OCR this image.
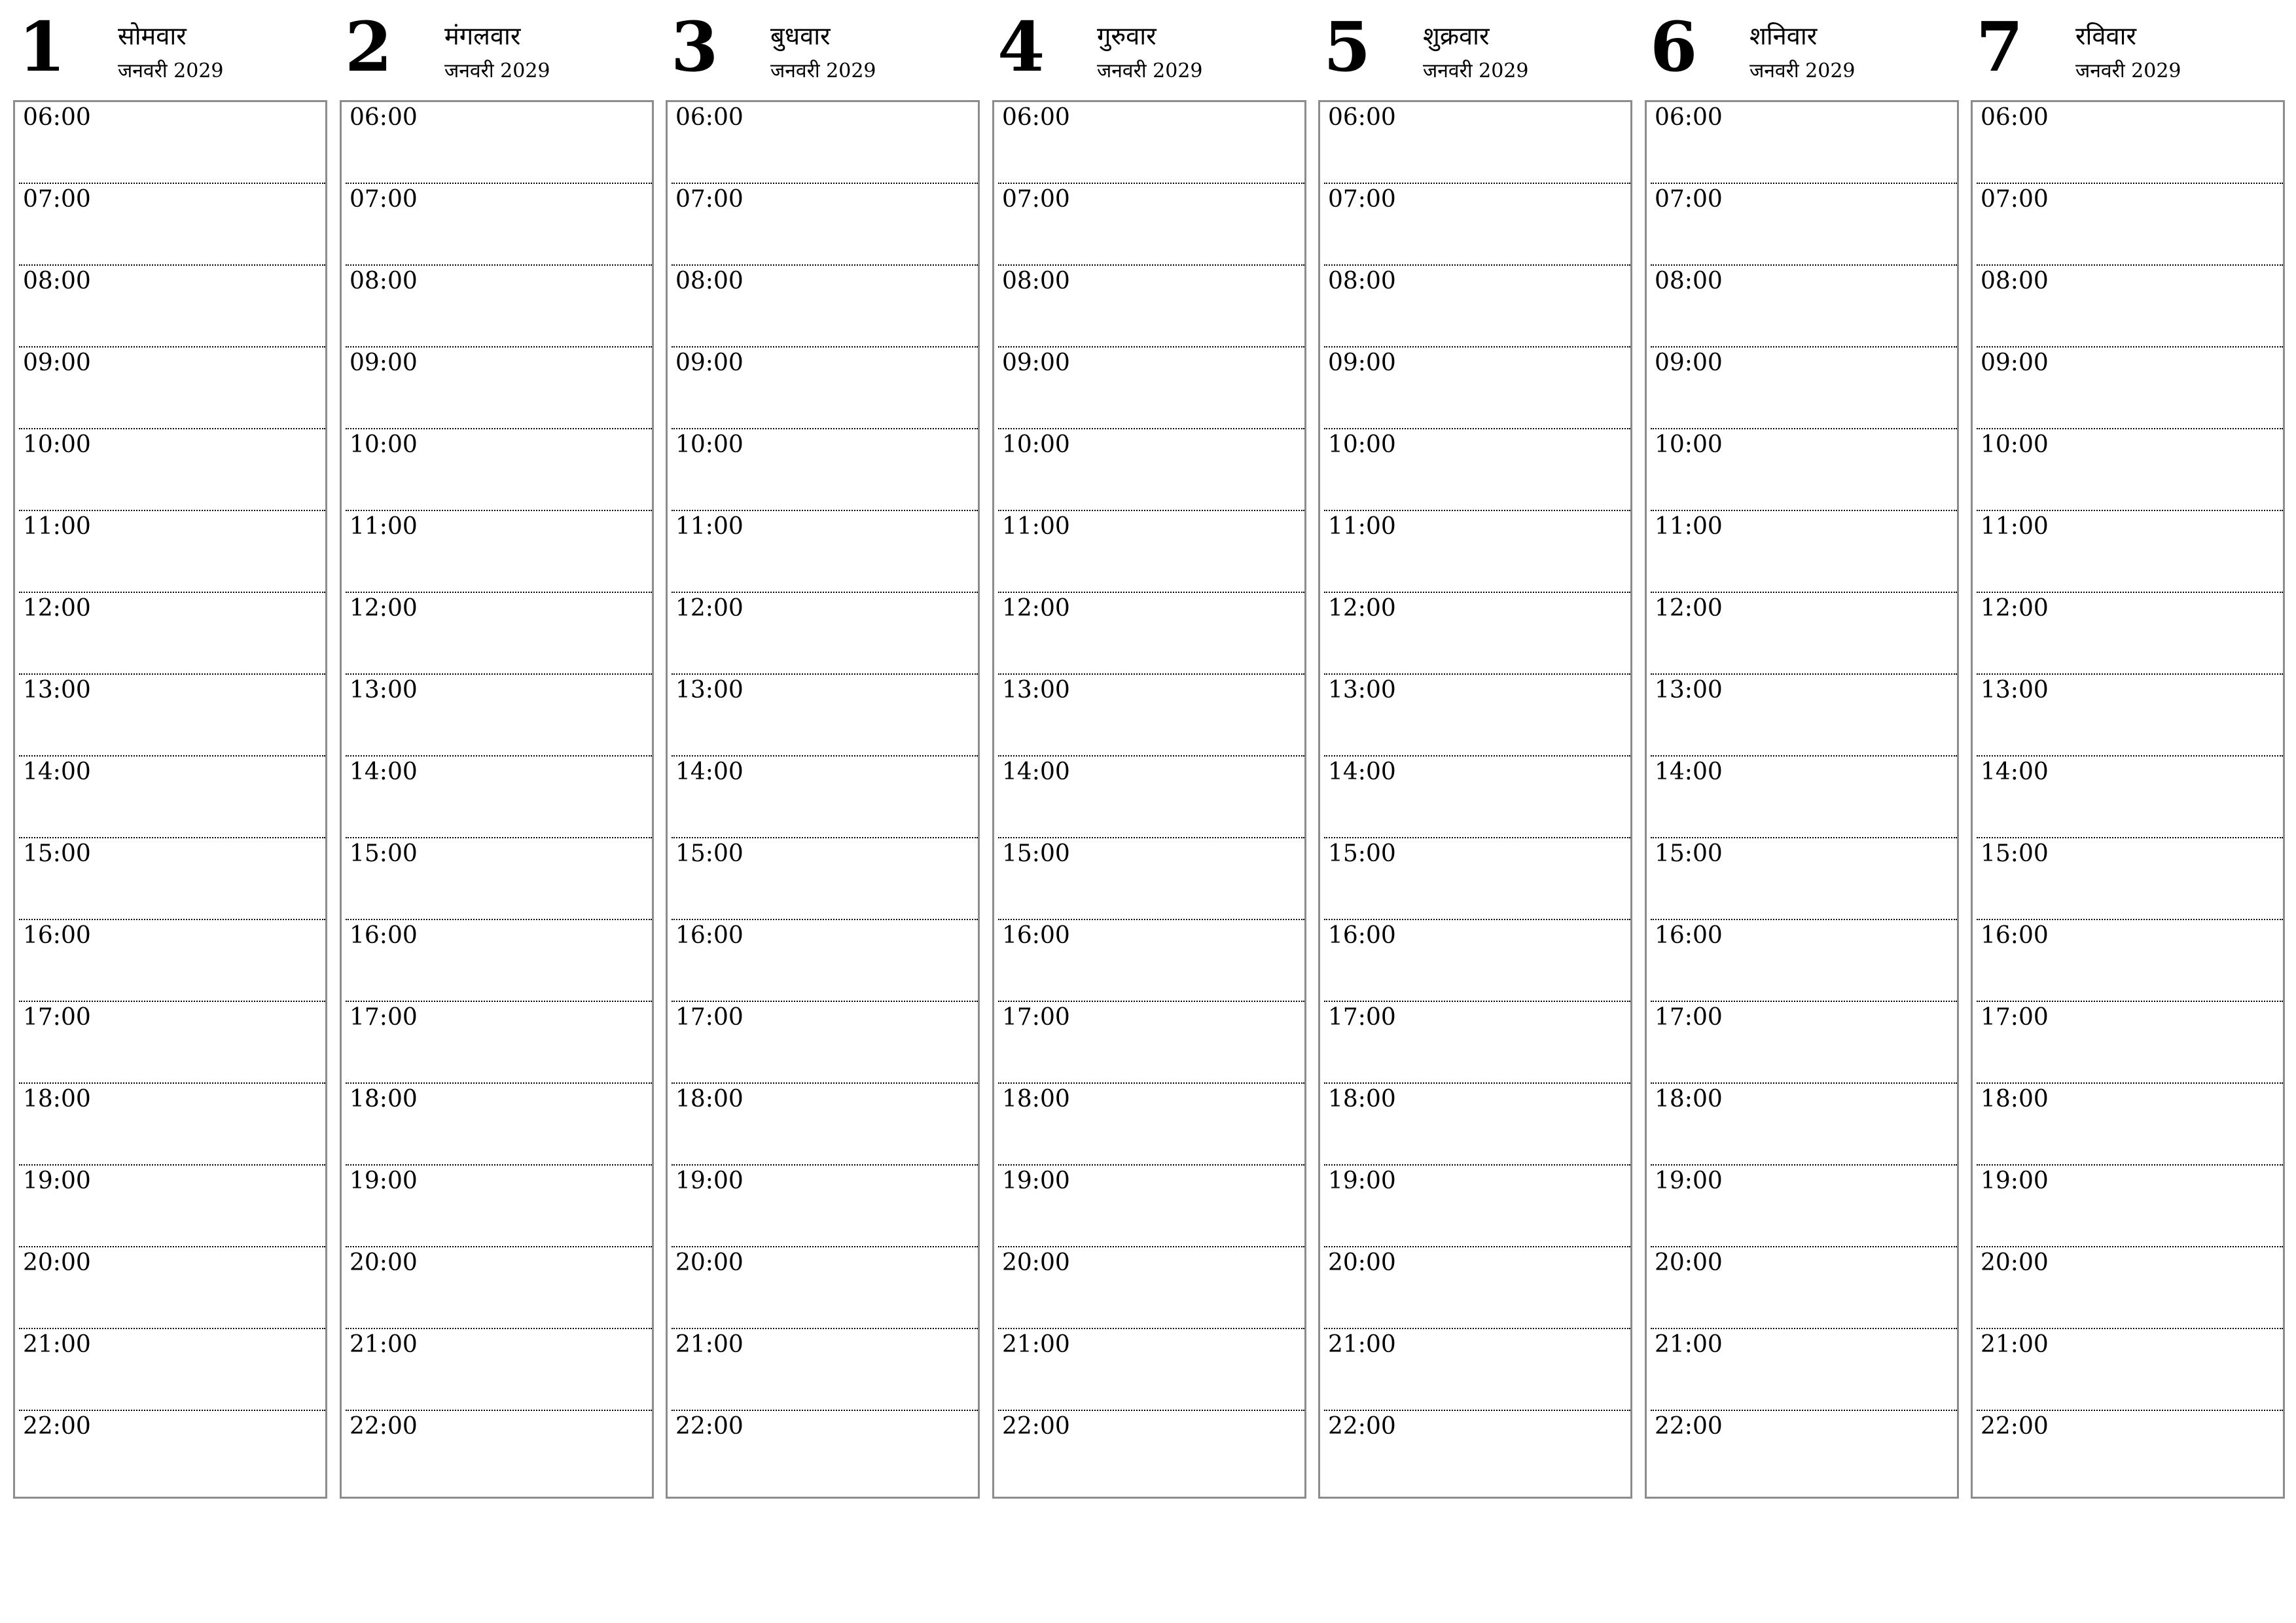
1 सोमवार
जनवरी 2029
06:00
07:00
08:00
09:00
10:00
11:00
12:00
13:00
14:00
15:00
16:00
17:00
18:00
19:00
20:00
21:00
22:00
2 मंगलवार
जनवरी 2029
06:00
07:00
08:00
09:00
10:00
11:00
12:00
13:00
14:00
15:00
16:00
17:00
18:00
19:00
20:00
21:00
22:00
3 बुधवार
जनवरी 2029
06:00
07:00
08:00
09:00
10:00
11:00
12:00
13:00
14:00
15:00
16:00
17:00
18:00
19:00
20:00
21:00
22:00
4 गुरुवार
जनवरी 2029
06:00
07:00
08:00
09:00
10:00
11:00
12:00
13:00
14:00
15:00
16:00
17:00
18:00
19:00
20:00
21:00
22:00
5 शुक्रवार
जनवरी 2029
06:00
07:00
08:00
09:00
10:00
11:00
12:00
13:00
14:00
15:00
16:00
17:00
18:00
19:00
20:00
21:00
22:00
6 शनिवार
जनवरी 2029
06:00
07:00
08:00
09:00
10:00
11:00
12:00
13:00
14:00
15:00
16:00
17:00
18:00
19:00
20:00
21:00
22:00
7 रविवार
जनवरी 2029
06:00
07:00
08:00
09:00
10:00
11:00
12:00
13:00
14:00
15:00
16:00
17:00
18:00
19:00
20:00
21:00
22:00
